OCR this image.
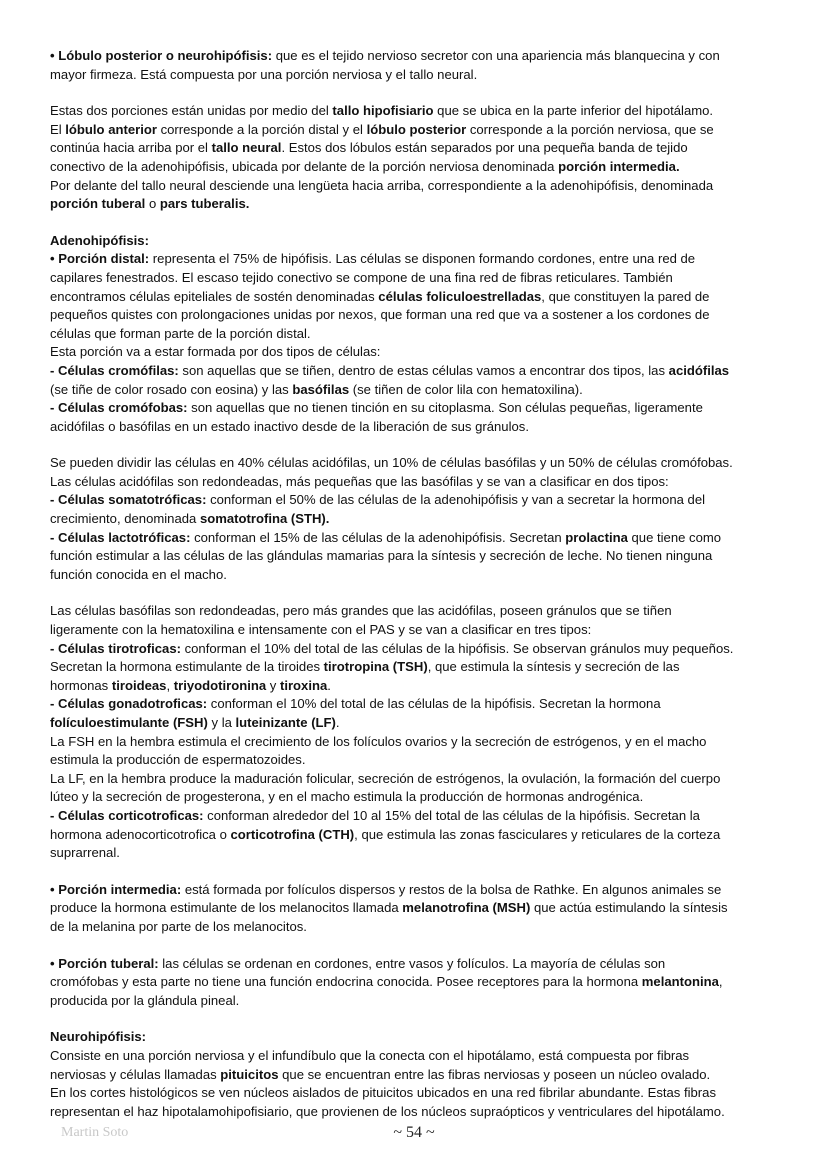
• Lóbulo posterior o neurohipófisis: que es el tejido nervioso secretor con una apariencia más blanquecina y con
mayor firmeza. Está compuesta por una porción nerviosa y el tallo neural.
Estas dos porciones están unidas por medio del tallo hipofisiario que se ubica en la parte inferior del hipotálamo.
El lóbulo anterior corresponde a la porción distal y el lóbulo posterior corresponde a la porción nerviosa, que se
continúa hacia arriba por el tallo neural. Estos dos lóbulos están separados por una pequeña banda de tejido
conectivo de la adenohipófisis, ubicada por delante de la porción nerviosa denominada porción intermedia.
Por delante del tallo neural desciende una lengüeta hacia arriba, correspondiente a la adenohipófisis, denominada
porción tuberal o pars tuberalis.
Adenohipófisis:
• Porción distal: representa el 75% de hipófisis. Las células se disponen formando cordones, entre una red de
capilares fenestrados. El escaso tejido conectivo se compone de una fina red de fibras reticulares. También
encontramos células epiteliales de sostén denominadas células foliculoestrelladas, que constituyen la pared de
pequeños quistes con prolongaciones unidas por nexos, que forman una red que va a sostener a los cordones de
células que forman parte de la porción distal.
Esta porción va a estar formada por dos tipos de células:
- Células cromófilas: son aquellas que se tiñen, dentro de estas células vamos a encontrar dos tipos, las acidófilas
(se tiñe de color rosado con eosina) y las basófilas (se tiñen de color lila con hematoxilina).
- Células cromófobas: son aquellas que no tienen tinción en su citoplasma. Son células pequeñas, ligeramente
acidófilas o basófilas en un estado inactivo desde de la liberación de sus gránulos.
Se pueden dividir las células en 40% células acidófilas, un 10% de células basófilas y un 50% de células cromófobas.
Las células acidófilas son redondeadas, más pequeñas que las basófilas y se van a clasificar en dos tipos:
- Células somatotróficas: conforman el 50% de las células de la adenohipófisis y van a secretar la hormona del
crecimiento, denominada somatotrofina (STH).
- Células lactotróficas: conforman el 15% de las células de la adenohipófisis. Secretan prolactina que tiene como
función estimular a las células de las glándulas mamarias para la síntesis y secreción de leche. No tienen ninguna
función conocida en el macho.
Las células basófilas son redondeadas, pero más grandes que las acidófilas, poseen gránulos que se tiñen
ligeramente con la hematoxilina e intensamente con el PAS y se van a clasificar en tres tipos:
- Células tirotroficas: conforman el 10% del total de las células de la hipófisis. Se observan gránulos muy pequeños.
Secretan la hormona estimulante de la tiroides tirotropina (TSH), que estimula la síntesis y secreción de las
hormonas tiroideas, triyodotironina y tiroxina.
- Células gonadotroficas: conforman el 10% del total de las células de la hipófisis. Secretan la hormona
folículoestimulante (FSH) y la luteinizante (LF).
La FSH en la hembra estimula el crecimiento de los folículos ovarios y la secreción de estrógenos, y en el macho
estimula la producción de espermatozoides.
La LF, en la hembra produce la maduración folicular, secreción de estrógenos, la ovulación, la formación del cuerpo
lúteo y la secreción de progesterona, y en el macho estimula la producción de hormonas androgénica.
- Células corticotroficas: conforman alrededor del 10 al 15% del total de las células de la hipófisis. Secretan la
hormona adenocorticotrofica o corticotrofina (CTH), que estimula las zonas fasciculares y reticulares de la corteza
suprarrenal.
• Porción intermedia: está formada por folículos dispersos y restos de la bolsa de Rathke. En algunos animales se
produce la hormona estimulante de los melanocitos llamada melanotrofina (MSH) que actúa estimulando la síntesis
de la melanina por parte de los melanocitos.
• Porción tuberal: las células se ordenan en cordones, entre vasos y folículos. La mayoría de células son
cromófobas y esta parte no tiene una función endocrina conocida. Posee receptores para la hormona melantonina,
producida por la glándula pineal.
Neurohipófisis:
Consiste en una porción nerviosa y el infundíbulo que la conecta con el hipotálamo, está compuesta por fibras
nerviosas y células llamadas pituicitos que se encuentran entre las fibras nerviosas y poseen un núcleo ovalado.
En los cortes histológicos se ven núcleos aislados de pituicitos ubicados en una red fibrilar abundante. Estas fibras
representan el haz hipotalamohipofisiario, que provienen de los núcleos supraópticos y ventriculares del hipotálamo.
Martin Soto	~ 54 ~
